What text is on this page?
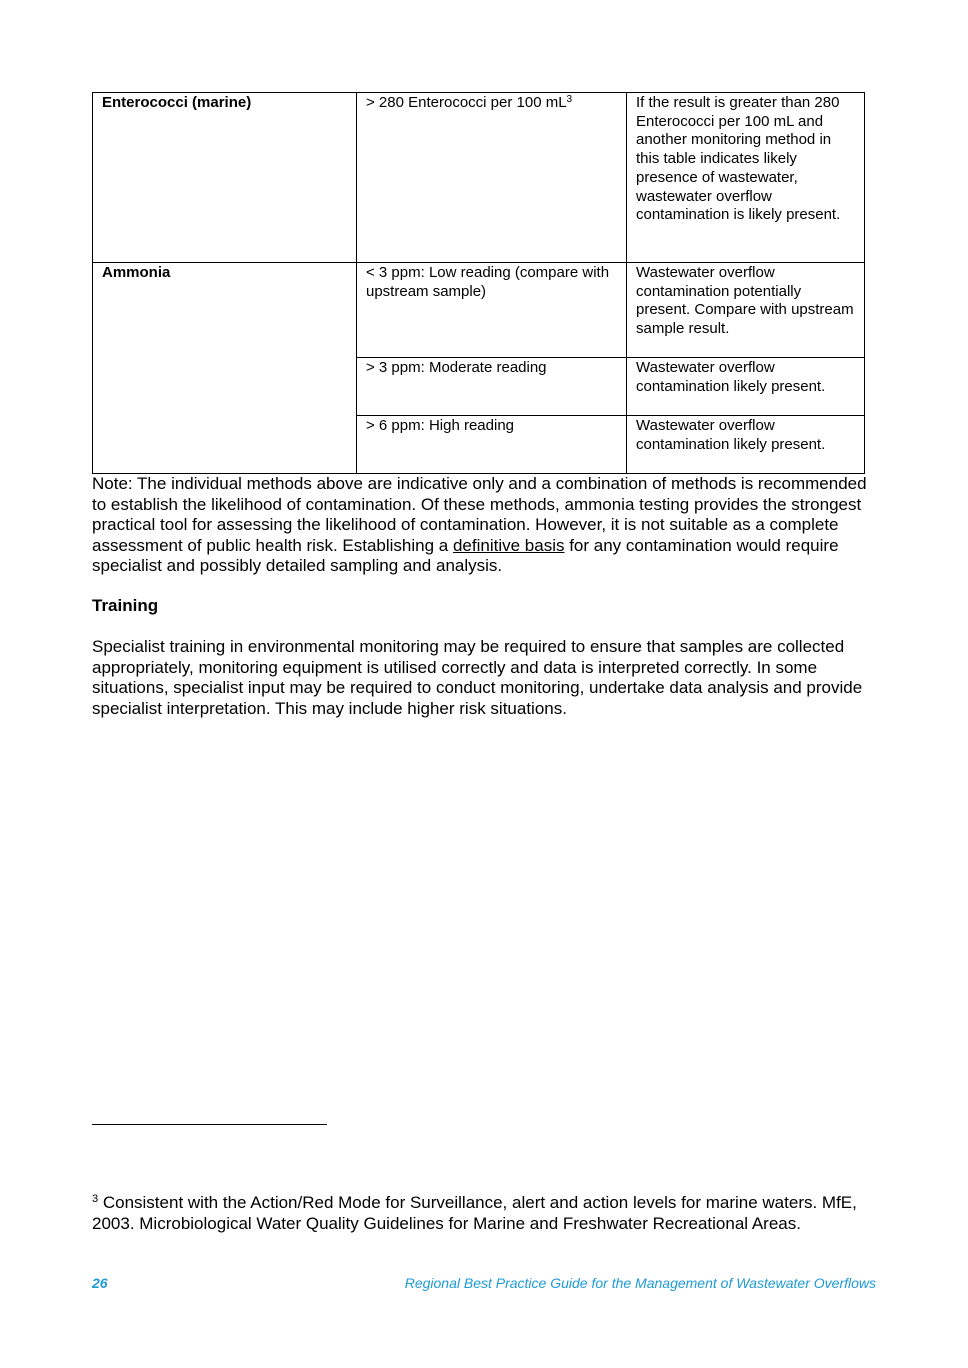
Enterococci (marine)	> 280 Enterococci per 100 $mL^3$	If the result is greater than 280 Enterococci per 100 mL and another monitoring method in this table indicates likely presence of wastewater, wastewater overflow contamination is likely present.
Ammonia	< 3 ppm: Low reading (compare with upstream sample)	Wastewater overflow contamination potentially present. Compare with upstream sample result.
	> 3 ppm: Moderate reading	Wastewater overflow contamination likely present.
	> 6 ppm: High reading	Wastewater overflow contamination likely present.
Note: The individual methods above are indicative only and a combination of methods is recommended to establish the likelihood of contamination. Of these methods, ammonia testing provides the strongest practical tool for assessing the likelihood of contamination. However, it is not suitable as a complete assessment of public health risk. Establishing a definitive basis for any contamination would require specialist and possibly detailed sampling and analysis.
Training
Specialist training in environmental monitoring may be required to ensure that samples are collected appropriately, monitoring equipment is utilised correctly and data is interpreted correctly. In some situations, specialist input may be required to conduct monitoring, undertake data analysis and provide specialist interpretation. This may include higher risk situations.
$^3$ Consistent with the Action/Red Mode for Surveillance, alert and action levels for marine waters. MfE, 2003. Microbiological Water Quality Guidelines for Marine and Freshwater Recreational Areas.
26	Regional Best Practice Guide for the Management of Wastewater Overflows
